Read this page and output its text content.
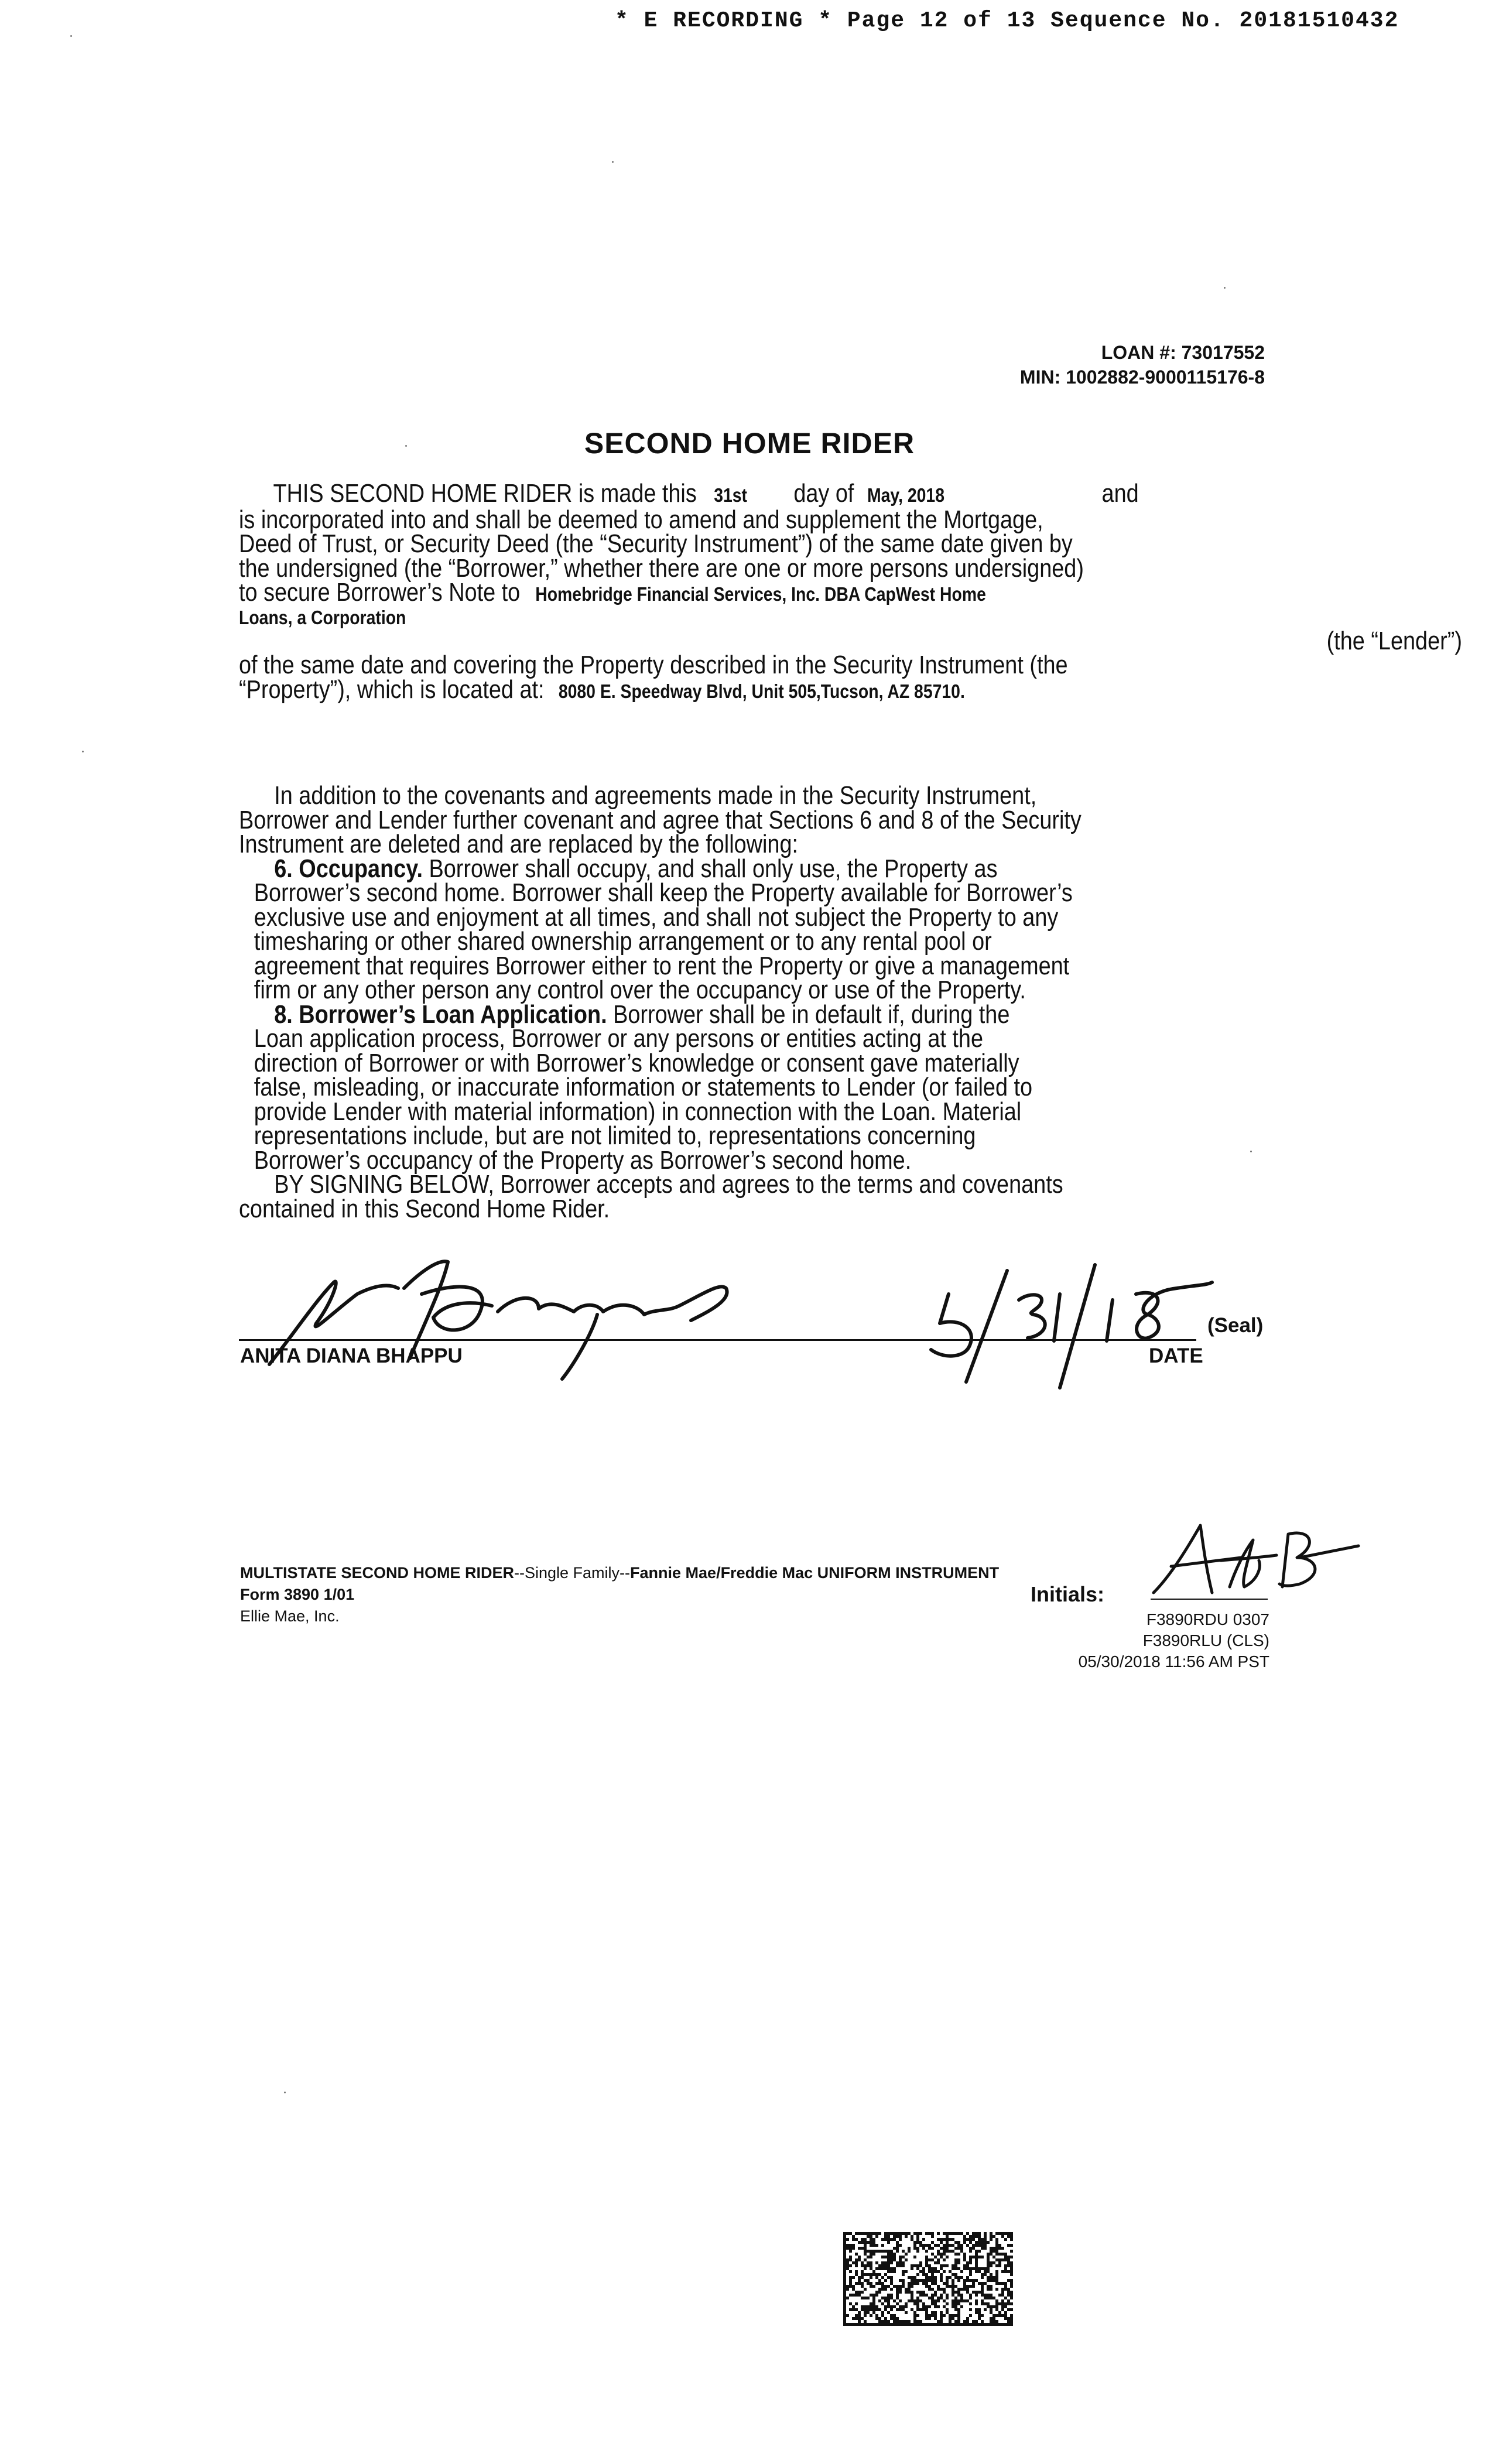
* E RECORDING * Page 12 of 13 Sequence No. 20181510432
LOAN #: 73017552
MIN: 1002882-9000115176-8
SECOND HOME RIDER
THIS SECOND HOME RIDER is made this 31st day of May, 2018	and
is incorporated into and shall be deemed to amend and supplement the Mortgage,
Deed of Trust, or Security Deed (the “Security Instrument”) of the same date given by
the undersigned (the “Borrower,” whether there are one or more persons undersigned)
to secure Borrower’s Note to Homebridge Financial Services, Inc. DBA CapWest Home
Loans, a Corporation
(the “Lender”)
of the same date and covering the Property described in the Security Instrument (the
“Property”), which is located at: 8080 E. Speedway Blvd, Unit 505,Tucson, AZ 85710.
In addition to the covenants and agreements made in the Security Instrument,
Borrower and Lender further covenant and agree that Sections 6 and 8 of the Security
Instrument are deleted and are replaced by the following:
6. Occupancy. Borrower shall occupy, and shall only use, the Property as
Borrower’s second home. Borrower shall keep the Property available for Borrower’s
exclusive use and enjoyment at all times, and shall not subject the Property to any
timesharing or other shared ownership arrangement or to any rental pool or
agreement that requires Borrower either to rent the Property or give a management
firm or any other person any control over the occupancy or use of the Property.
8. Borrower’s Loan Application. Borrower shall be in default if, during the
Loan application process, Borrower or any persons or entities acting at the
direction of Borrower or with Borrower’s knowledge or consent gave materially
false, misleading, or inaccurate information or statements to Lender (or failed to
provide Lender with material information) in connection with the Loan. Material
representations include, but are not limited to, representations concerning
Borrower’s occupancy of the Property as Borrower’s second home.
BY SIGNING BELOW, Borrower accepts and agrees to the terms and covenants
contained in this Second Home Rider.
(Seal)
ANITA DIANA BHAPPU	DATE
MULTISTATE SECOND HOME RIDER--Single Family--Fannie Mae/Freddie Mac UNIFORM INSTRUMENT
Form 3890 1/01
Ellie Mae, Inc.
Initials:
F3890RDU 0307
F3890RLU (CLS)
05/30/2018 11:56 AM PST
